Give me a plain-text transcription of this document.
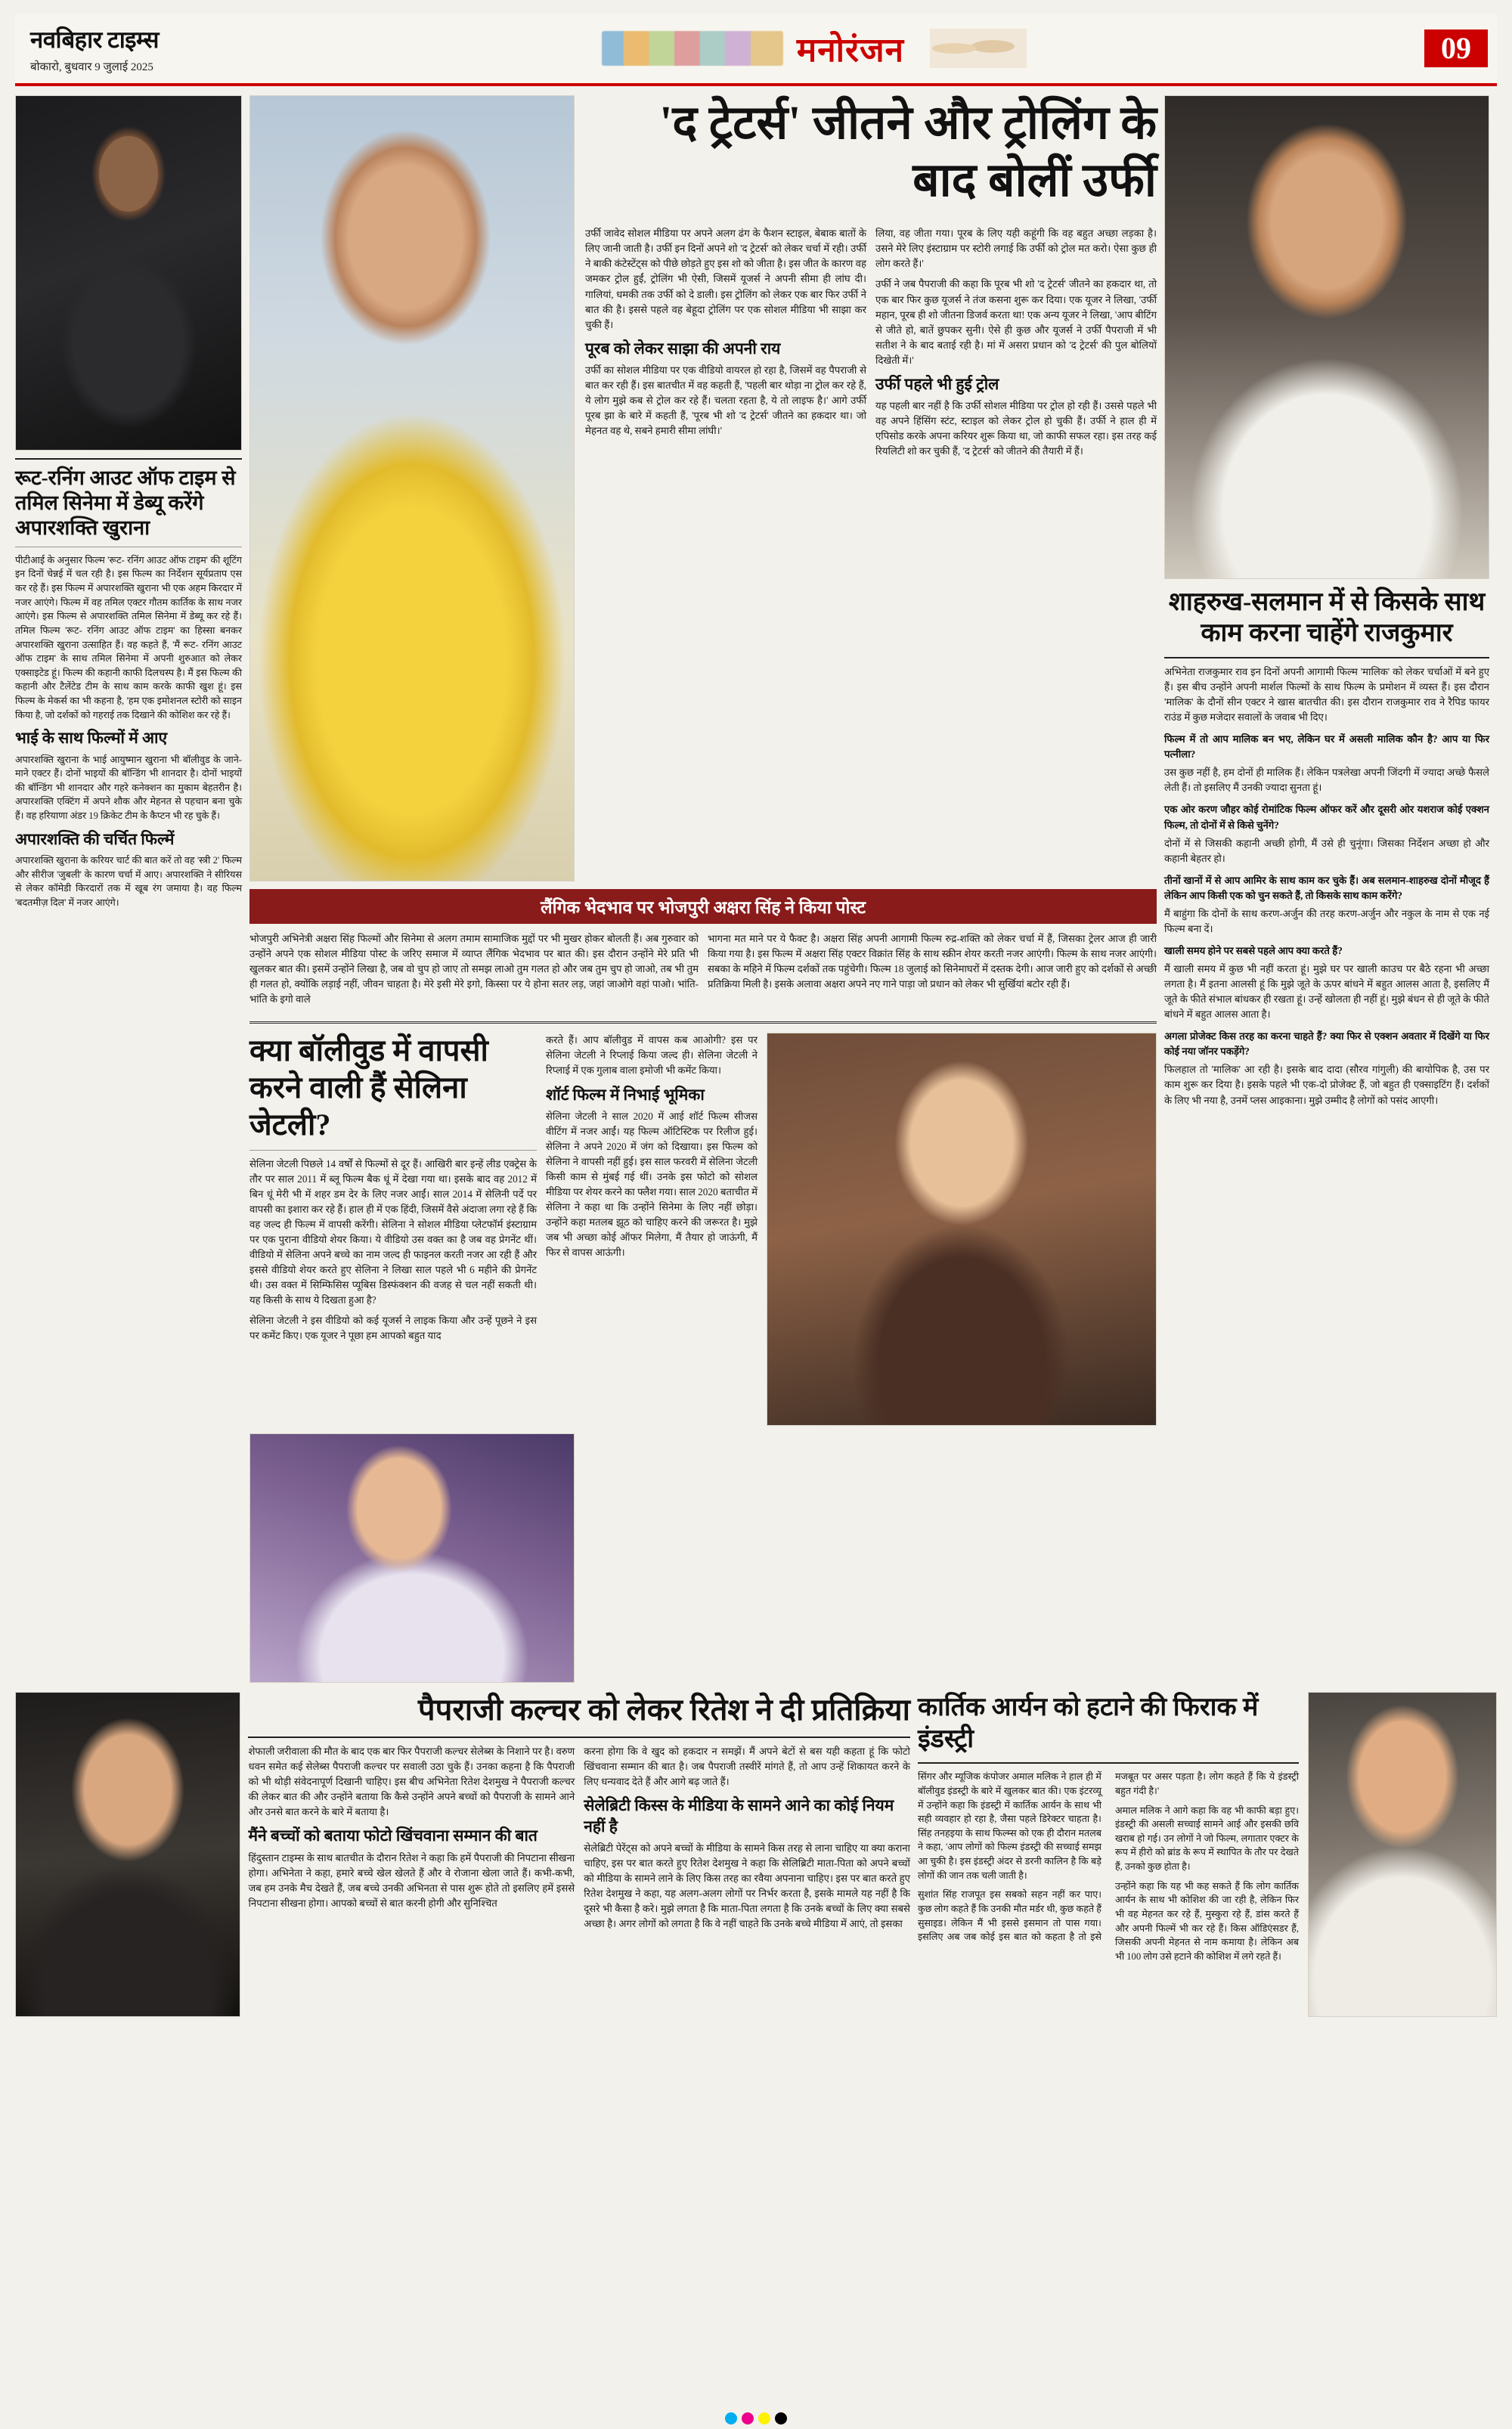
नवबिहार टाइम्स
बोकारो, बुधवार 9 जुलाई 2025	मनोरंजन	09
रूट-रनिंग आउट ऑफ टाइम से तमिल सिनेमा में डेब्यू करेंगे अपारशक्ति खुराना

पीटीआई के अनुसार फिल्म 'रूट- रनिंग आउट ऑफ टाइम' की शूटिंग इन दिनों चेन्नई में चल रही है। इस फिल्म का निर्देशन सूर्यप्रताप एस कर रहे हैं। इस फिल्म में अपारशक्ति खुराना भी एक अहम किरदार में नजर आएंगे। फिल्म में वह तमिल एक्टर गौतम कार्तिक के साथ नजर आएंगे। इस फिल्म से अपारशक्ति तमिल सिनेमा में डेब्यू कर रहे हैं। तमिल फिल्म 'रूट- रनिंग आउट ऑफ टाइम' का हिस्सा बनकर अपारशक्ति खुराना उत्साहित हैं। वह कहते हैं, 'मैं रूट- रनिंग आउट ऑफ टाइम' के साथ तमिल सिनेमा में अपनी शुरुआत को लेकर एक्साइटेड हूं। फिल्म की कहानी काफी दिलचस्प है। मैं इस फिल्म की कहानी और टैलेंटेड टीम के साथ काम करके काफी खुश हूं। इस फिल्म के मेकर्स का भी कहना है, 'हम एक इमोशनल स्टोरी को साइन किया है, जो दर्शकों को गहराई तक दिखाने की कोशिश कर रहे हैं।

भाई के साथ फिल्मों में आए

अपारशक्ति खुराना के भाई आयुष्मान खुराना भी बॉलीवुड के जाने-माने एक्टर हैं। दोनों भाइयों की बॉन्डिंग भी शानदार है। दोनों भाइयों की बॉन्डिंग भी शानदार और गहरे कनेक्शन का मुकाम बेहतरीन है। अपारशक्ति एक्टिंग में अपने शौक और मेहनत से पहचान बना चुके हैं। वह हरियाणा अंडर 19 क्रिकेट टीम के कैप्टन भी रह चुके हैं।

अपारशक्ति की चर्चित फिल्में

अपारशक्ति खुराना के करियर चार्ट की बात करें तो वह 'स्त्री 2' फिल्म और सीरीज 'जुबली' के कारण चर्चा में आए। अपारशक्ति ने सीरियस से लेकर कॉमेडी किरदारों तक में खूब रंग जमाया है। वह फिल्म 'बदतमीज़ दिल' में नजर आएंगे।

'द ट्रेटर्स' जीतने और ट्रोलिंग के बाद बोलीं उर्फी

उर्फी जावेद सोशल मीडिया पर अपने अलग ढंग के फैशन स्टाइल, बेबाक बातों के लिए जानी जाती है। उर्फी इन दिनों अपने शो 'द ट्रेटर्स' को लेकर चर्चा में रही। उर्फी ने बाकी कंटेस्टेंट्स को पीछे छोड़ते हुए इस शो को जीता है। इस जीत के कारण वह जमकर ट्रोल हुईं, ट्रोलिंग भी ऐसी, जिसमें यूजर्स ने अपनी सीमा ही लांघ दी। गालियां, धमकी तक उर्फी को दे डाली। इस ट्रोलिंग को लेकर एक बार फिर उर्फी ने बात की है। इससे पहले वह बेहूदा ट्रोलिंग पर एक सोशल मीडिया भी साझा कर चुकी हैं।

पूरब को लेकर साझा की अपनी राय

उर्फी का सोशल मीडिया पर एक वीडियो वायरल हो रहा है, जिसमें वह पैपराजी से बात कर रही हैं। इस बातचीत में वह कहती हैं, 'पहली बार थोड़ा ना ट्रोल कर रहे हैं, ये लोग मुझे कब से ट्रोल कर रहे हैं। चलता रहता है, ये तो लाइफ है।' आगे उर्फी पूरब झा के बारे में कहती हैं, 'पूरब भी शो 'द ट्रेटर्स' जीतने का हकदार था। जो मेहनत वह थे, सबने हमारी सीमा लांघी।'

लिया, वह जीता गया। पूरब के लिए यही कहूंगी कि वह बहुत अच्छा लड़का है। उसने मेरे लिए इंस्टाग्राम पर स्टोरी लगाई कि उर्फी को ट्रोल मत करो। ऐसा कुछ ही लोग करते हैं।'

उर्फी ने जब पैपराजी की कहा कि पूरब भी शो 'द ट्रेटर्स' जीतने का हकदार था, तो एक बार फिर कुछ यूजर्स ने तंज कसना शुरू कर दिया। एक यूजर ने लिखा, 'उर्फी महान, पूरब ही शो जीतना डिजर्व करता था! एक अन्य यूजर ने लिखा, 'आप बीटिंग से जीते हो, बातें छुपकर सुनी। ऐसे ही कुछ और यूजर्स ने उर्फी पैपराजी में भी सतीश ने के बाद बताई रही है। मां में असरा प्रधान को 'द ट्रेटर्स' की पुल बोलियों दिखेती में।'

उर्फी पहले भी हुई ट्रोल

यह पहली बार नहीं है कि उर्फी सोशल मीडिया पर ट्रोल हो रही हैं। उससे पहले भी वह अपने हिंसिंग स्टंट, स्टाइल को लेकर ट्रोल हो चुकी हैं। उर्फी ने हाल ही में एपिसोड करके अपना करियर शुरू किया था, जो काफी सफल रहा। इस तरह कई रियलिटी शो कर चुकी हैं, 'द ट्रेटर्स' को जीतने की तैयारी में हैं।

लैंगिक भेदभाव पर भोजपुरी अक्षरा सिंह ने किया पोस्ट

भोजपुरी अभिनेत्री अक्षरा सिंह फिल्मों और सिनेमा से अलग तमाम सामाजिक मुद्दों पर भी मुखर होकर बोलती हैं। अब गुरुवार को उन्होंने अपने एक सोशल मीडिया पोस्ट के जरिए समाज में व्याप्त लैंगिक भेदभाव पर बात की। इस दौरान उन्होंने मेरे प्रति भी खुलकर बात की। इसमें उन्होंने लिखा है, जब वो चुप हो जाए तो समझ लाओ तुम गलत हो और जब तुम चुप हो जाओ, तब भी तुम ही गलत हो, क्योंकि लड़ाई नहीं, जीवन चाहता है। मेरे इसी मेरे इगो, किस्सा पर ये होना सतर लड़, जहां जाओगे वहां पाओ। भांति-भांति के इगो वाले

भागना मत माने पर ये फैक्ट है। अक्षरा सिंह अपनी आगामी फिल्म रुद्र-शक्ति को लेकर चर्चा में हैं, जिसका ट्रेलर आज ही जारी किया गया है। इस फिल्म में अक्षरा सिंह एक्टर विक्रांत सिंह के साथ स्क्रीन शेयर करती नजर आएंगी। फिल्म के साथ नजर आएंगी। सबका के महिने में फिल्म दर्शकों तक पहुंचेगी। फिल्म 18 जुलाई को सिनेमाघरों में दस्तक देगी। आज जारी हुए को दर्शकों से अच्छी प्रतिक्रिया मिली है। इसके अलावा अक्षरा अपने नए गाने पाड़ा जो प्रधान को लेकर भी सुर्खियां बटोर रही हैं।

क्या बॉलीवुड में वापसी करने वाली हैं सेलिना जेटली?

सेलिना जेटली पिछले 14 वर्षों से फिल्मों से दूर हैं। आखिरी बार इन्हें लीड एक्ट्रेस के तौर पर साल 2011 में ब्लू फिल्म बैक धूं में देखा गया था। इसके बाद वह 2012 में बिन धूं मेरी भी में शहर डम देर के लिए नजर आईं। साल 2014 में सेलिनी पर्दे पर वापसी का इशारा कर रहे हैं। हाल ही में एक हिंदी, जिसमें वैसे अंदाजा लगा रहे हैं कि वह जल्द ही फिल्म में वापसी करेंगी। सेलिना ने सोशल मीडिया प्लेटफॉर्म इंस्टाग्राम पर एक पुराना वीडियो शेयर किया। ये वीडियो उस वक्त का है जब वह प्रेगनेंट थीं। वीडियो में सेलिना अपने बच्चे का नाम जल्द ही फाइनल करती नजर आ रही हैं और इससे वीडियो शेयर करते हुए सेलिना ने लिखा साल पहले भी 6 महीने की प्रेगनेंट थी। उस वक्त में सिम्फिसिस प्यूबिस डिस्फंक्शन की वजह से चल नहीं सकती थी। यह किसी के साथ ये दिखता हुआ है?

सेलिना जेटली ने इस वीडियो को कई यूजर्स ने लाइक किया और उन्हें पूछने ने इस पर कमेंट किए। एक यूजर ने पूछा हम आपको बहुत याद

करते हैं। आप बॉलीवुड में वापस कब आओगी? इस पर सेलिना जेटली ने रिप्लाई किया जल्द ही। सेलिना जेटली ने रिप्लाई में एक गुलाब वाला इमोजी भी कमेंट किया।

शॉर्ट फिल्म में निभाई भूमिका

सेलिना जेटली ने साल 2020 में आई शॉर्ट फिल्म सीजस वीटिंग में नजर आईं। यह फिल्म ऑटिस्टिक पर रिलीज हुई। सेलिना ने अपने 2020 में जंग को दिखाया। इस फिल्म को सेलिना ने वापसी नहीं हुई। इस साल फरवरी में सेलिना जेटली किसी काम से मुंबई गई थीं। उनके इस फोटो को सोशल मीडिया पर शेयर करने का फ्लैश गया। साल 2020 बताचीत में सेलिना ने कहा था कि उन्होंने सिनेमा के लिए नहीं छोड़ा। उन्होंने कहा मतलब झूठ को चाहिए करने की जरूरत है। मुझे जब भी अच्छा कोई ऑफर मिलेगा, मैं तैयार हो जाऊंगी, मैं फिर से वापस आऊंगी।

शाहरुख-सलमान में से किसके साथ काम करना चाहेंगे राजकुमार

अभिनेता राजकुमार राव इन दिनों अपनी आगामी फिल्म 'मालिक' को लेकर चर्चाओं में बने हुए हैं। इस बीच उन्होंने अपनी मार्शल फिल्मों के साथ फिल्म के प्रमोशन में व्यस्त हैं। इस दौरान 'मालिक' के दौनों सीन एक्टर ने खास बातचीत की। इस दौरान राजकुमार राव ने रैपिड फायर राउंड में कुछ मजेदार सवालों के जवाब भी दिए।

फिल्म में तो आप मालिक बन भए, लेकिन घर में असली मालिक कौन है? आप या फिर पत्नीला?

उस कुछ नहीं है, हम दोनों ही मालिक हैं। लेकिन पत्रलेखा अपनी जिंदगी में ज्यादा अच्छे फैसले लेती हैं। तो इसलिए मैं उनकी ज्यादा सुनता हूं।

एक ओर करण जौहर कोई रोमांटिक फिल्म ऑफर करें और दूसरी ओर यशराज कोई एक्शन फिल्म, तो दोनों में से किसे चुनेंगे?

दोनों में से जिसकी कहानी अच्छी होगी, मैं उसे ही चुनूंगा। जिसका निर्देशन अच्छा हो और कहानी बेहतर हो।

तीनों खानों में से आप आमिर के साथ काम कर चुके हैं। अब सलमान-शाहरुख दोनों मौजूद हैं लेकिन आप किसी एक को चुन सकते हैं, तो किसके साथ काम करेंगे?

मैं बाहुंगा कि दोनों के साथ करण-अर्जुन की तरह करण-अर्जुन और नकुल के नाम से एक नई फिल्म बना दें।

खाली समय होने पर सबसे पहले आप क्या करते हैं?

मैं खाली समय में कुछ भी नहीं करता हूं। मुझे घर पर खाली काउच पर बैठे रहना भी अच्छा लगता है। मैं इतना आलसी हूं कि मुझे जूते के ऊपर बांधने में बहुत आलस आता है, इसलिए मैं जूते के फीते संभाल बांधकर ही रखता हूं। उन्हें खोलता ही नहीं हूं। मुझे बंधन से ही जूते के फीते बांधने में बहुत आलस आता है।

अगला प्रोजेक्ट किस तरह का करना चाहते हैं? क्या फिर से एक्शन अवतार में दिखेंगे या फिर कोई नया जॉनर पकड़ेंगे?

फिलहाल तो 'मालिक' आ रही है। इसके बाद दादा (सौरव गांगुली) की बायोपिक है, उस पर काम शुरू कर दिया है। इसके पहले भी एक-दो प्रोजेक्ट हैं, जो बहुत ही एक्साइटिंग हैं। दर्शकों के लिए भी नया है, उनमें प्लस आइकाना। मुझे उम्मीद है लोगों को पसंद आएगी।

पैपराजी कल्चर को लेकर रितेश ने दी प्रतिक्रिया

शेफाली जरीवाला की मौत के बाद एक बार फिर पैपराजी कल्चर सेलेब्स के निशाने पर है। वरुण धवन समेत कई सेलेब्स पैपराजी कल्चर पर सवाली उठा चुके हैं। उनका कहना है कि पैपराजी को भी थोड़ी संवेदनापूर्ण दिखानी चाहिए। इस बीच अभिनेता रितेश देशमुख ने पैपराजी कल्चर की लेकर बात की और उन्होंने बताया कि कैसे उन्होंने अपने बच्चों को पैपराजी के सामने आने और उनसे बात करने के बारे में बताया है।

मैंने बच्चों को बताया फोटो खिंचवाना सम्मान की बात

हिंदुस्तान टाइम्स के साथ बातचीत के दौरान रितेश ने कहा कि हमें पैपराजी की निपटाना सीखना होगा। अभिनेता ने कहा, हमारे बच्चे खेल खेलते हैं और वे रोजाना खेला जाते हैं। कभी-कभी, जब हम उनके मैच देखते हैं, जब बच्चे उनकी अभिनता से पास शुरू होते तो इसलिए हमें इससे निपटाना सीखना होगा। आपको बच्चों से बात करनी होगी और सुनिश्चित

करना होगा कि वे खुद को हकदार न समझें। मैं अपने बेटों से बस यही कहता हूं कि फोटो खिंचवाना सम्मान की बात है। जब पैपराजी तस्वीरें मांगते हैं, तो आप उन्हें शिकायत करने के लिए धन्यवाद देते हैं और आगे बढ़ जाते हैं।

सेलेब्रिटी किस्स के मीडिया के सामने आने का कोई नियम नहीं है

सेलेब्रिटी पेरेंट्स को अपने बच्चों के मीडिया के सामने किस तरह से लाना चाहिए या क्या कराना चाहिए, इस पर बात करते हुए रितेश देशमुख ने कहा कि सेलिब्रिटी माता-पिता को अपने बच्चों को मीडिया के सामने लाने के लिए किस तरह का रवैया अपनाना चाहिए। इस पर बात करते हुए रितेश देशमुख ने कहा, यह अलग-अलग लोगों पर निर्भर करता है, इसके मामले यह नहीं है कि दूसरे भी कैसा है करे। मुझे लगता है कि माता-पिता लगता है कि उनके बच्चों के लिए क्या सबसे अच्छा है। अगर लोगों को लगता है कि वे नहीं चाहते कि उनके बच्चे मीडिया में आएं, तो इसका

कार्तिक आर्यन को हटाने की फिराक में इंडस्ट्री

सिंगर और म्यूजिक कंपोजर अमाल मलिक ने हाल ही में बॉलीवुड इंडस्ट्री के बारे में खुलकर बात की। एक इंटरव्यू में उन्होंने कहा कि इंडस्ट्री में कार्तिक आर्यन के साथ भी सही व्यवहार हो रहा है, जैसा पहले डिरेक्टर चाहता है। सिंह तनहइया के साथ फिल्म्स को एक ही दौरान मतलब ने कहा, 'आप लोगों को फिल्म इंडस्ट्री की सच्चाई समझ आ चुकी है। इस इंडस्ट्री अंदर से डरनी कालिन है कि बड़े लोगों की जान तक चली जाती है।

सुशांत सिंह राजपूत इस सबको सहन नहीं कर पाए। कुछ लोग कहते हैं कि उनकी मौत मर्डर थी, कुछ कहते हैं सुसाइड। लेकिन मैं भी इससे इसमान तो पास गया। इसलिए अब जब कोई इस बात को कहता है तो इसे मजबूत पर असर पड़ता है। लोग कहते हैं कि ये इंडस्ट्री बहुत गंदी है।'

अमाल मलिक ने आगे कहा कि वह भी काफी बड़ा हुए। इंडस्ट्री की असली सच्चाई सामने आई और इसकी छवि खराब हो गई। उन लोगों ने जो फिल्म, लगातार एक्टर के रूप में हीरो को ब्रांड के रूप में स्थापित के तौर पर देखते हैं, उनको कुछ होता है।

उन्होंने कहा कि यह भी कह सकते हैं कि लोग कार्तिक आर्यन के साथ भी कोशिश की जा रही है, लेकिन फिर भी वह मेहनत कर रहे हैं, मुस्कुरा रहे हैं, डांस करते हैं और अपनी फिल्में भी कर रहे हैं। किस ऑडिएंसडर हैं, जिसकी अपनी मेहनत से नाम कमाया है। लेकिन अब भी 100 लोग उसे हटाने की कोशिश में लगे रहते हैं।
